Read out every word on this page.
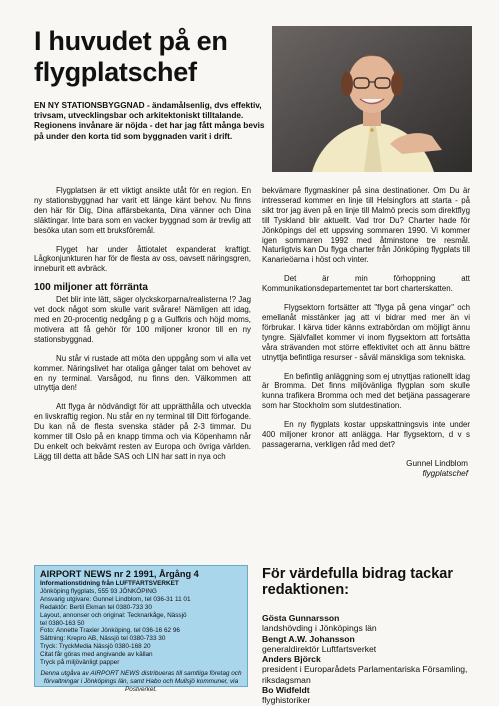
I huvudet på en flygplatschef

EN NY STATIONSBYGGNAD - ändamålsenlig, dvs effektiv, trivsam, utvecklingsbar och arkitektoniskt tilltalande.

Regionens invånare är nöjda - det har jag fått många bevis på under den korta tid som byggnaden varit i drift.

Flygplatsen är ett viktigt ansikte utåt för en region. En ny stationsbyggnad har varit ett länge känt behov. Nu finns den här för Dig, Dina affärsbekanta, Dina vänner och Dina släktingar. Inte bara som en vacker byggnad som är trevlig att besöka utan som ett bruksföremål.

Flyget har under åttiotalet expanderat kraftigt. Lågkonjunkturen har för de flesta av oss, oavsett näringsgren, inneburit ett avbräck.

100 miljoner att förränta

Det blir inte lätt, säger olyckskorparna/realisterna !? Jag vet dock något som skulle varit svårare! Nämligen att idag, med en 20-procentig nedgång p g a Gulfkris och höjd moms, motivera att få gehör för 100 miljoner kronor till en ny stationsbyggnad.

Nu står vi rustade att möta den uppgång som vi alla vet kommer. Näringslivet har otaliga gånger talat om behovet av en ny terminal. Varsågod, nu finns den. Välkommen att utnyttja den!

Att flyga är nödvändigt för att upprätthålla och utveckla en livskraftig region. Nu står en ny terminal till Ditt förfogande. Du kan nå de flesta svenska städer på 2-3 timmar. Du kommer till Oslo på en knapp timma och via Köpenhamn når Du enkelt och bekvämt resten av Europa och övriga världen. Lägg till detta att både SAS och LIN har satt in nya och

bekvämare flygmaskiner på sina destinationer. Om Du är intresserad kommer en linje till Helsingfors att starta - på sikt tror jag även på en linje till Malmö precis som direktflyg till Tyskland blir aktuellt. Vad tror Du? Charter hade för Jönköpings del ett uppsving sommaren 1990. Vi kommer igen sommaren 1992 med åtminstone tre resmål. Naturligtvis kan Du flyga charter från Jönköping flygplats till Kanarieöarna i höst och vinter.

Det är min förhoppning att Kommunikationsdepartementet tar bort charterskatten.

Flygsektorn fortsätter att "flyga på gena vingar" och emellanåt misstänker jag att vi bidrar med mer än vi förbrukar. I kärva tider känns extrabördan om möjligt ännu tyngre. Självfallet kommer vi inom flygsektorn att fortsätta våra strävanden mot större effektivitet och att ännu bättre utnyttja befintliga resurser - såväl mänskliga som tekniska.

En befintlig anläggning som ej utnyttjas rationellt idag är Bromma. Det finns miljövänliga flygplan som skulle kunna trafikera Bromma och med det betjäna passagerare som har Stockholm som slutdestination.

En ny flygplats kostar uppskattningsvis inte under 400 miljoner kronor att anlägga. Har flygsektorn, d v s passagerarna, verkligen råd med det?

Gunnel Lindblom
flygplatschef
AIRPORT NEWS nr 2 1991, Årgång 4
Informationstidning från LUFTFARTSVERKET
Jönköping flygplats, 555 93 JÖNKÖPING
Ansvarig utgivare: Gunnel Lindblom, tel 036-31 11 01
Redaktör: Bertil Ekman tel 0380-733 30
Layout, annonser och original: Tecknarkåge, Nässjö
tel 0380-163 50
Foto: Annette Traxler Jönköping. tel 036-16 62 96
Sättning: Krepro AB, Nässjö tel 0380-733 30
Tryck: TryckMedia Nässjö 0380-168 20
Citat får göras med angivande av källan
Tryck på miljövänligt papper
Denna utgåva av AIRPORT NEWS distribueras till samtliga företag och förvaltningar i Jönköpings län, samt Habo och Mullsjö kommuner, via Postverket.
För värdefulla bidrag tackar redaktionen:
Gösta Gunnarsson
landshövding i Jönköpings län
Bengt A.W. Johansson
generaldirektör Luftfartsverket
Anders Björck
president i Europarådets Parlamentariska Församling, riksdagsman
Bo Widfeldt
flyghistoriker
